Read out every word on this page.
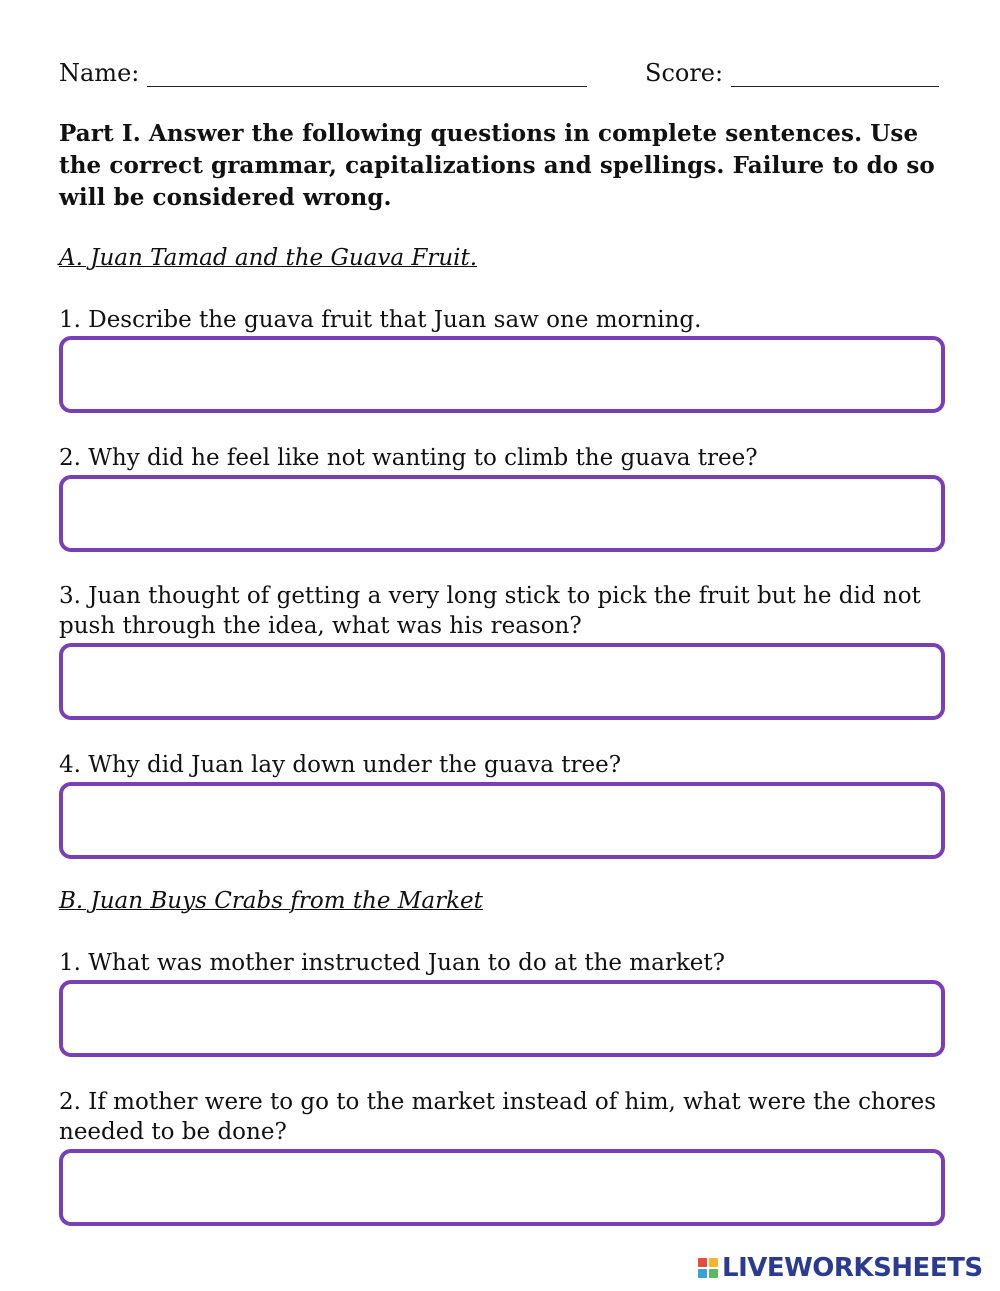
Name:	Score:
Part I. Answer the following questions in complete sentences. Use the correct grammar, capitalizations and spellings. Failure to do so will be considered wrong.
A. Juan Tamad and the Guava Fruit.
1. Describe the guava fruit that Juan saw one morning.
2. Why did he feel like not wanting to climb the guava tree?
3. Juan thought of getting a very long stick to pick the fruit but he did not push through the idea, what was his reason?
4. Why did Juan lay down under the guava tree?
B. Juan Buys Crabs from the Market
1. What was mother instructed Juan to do at the market?
2. If mother were to go to the market instead of him, what were the chores needed to be done?
LIVEWORKSHEETS
